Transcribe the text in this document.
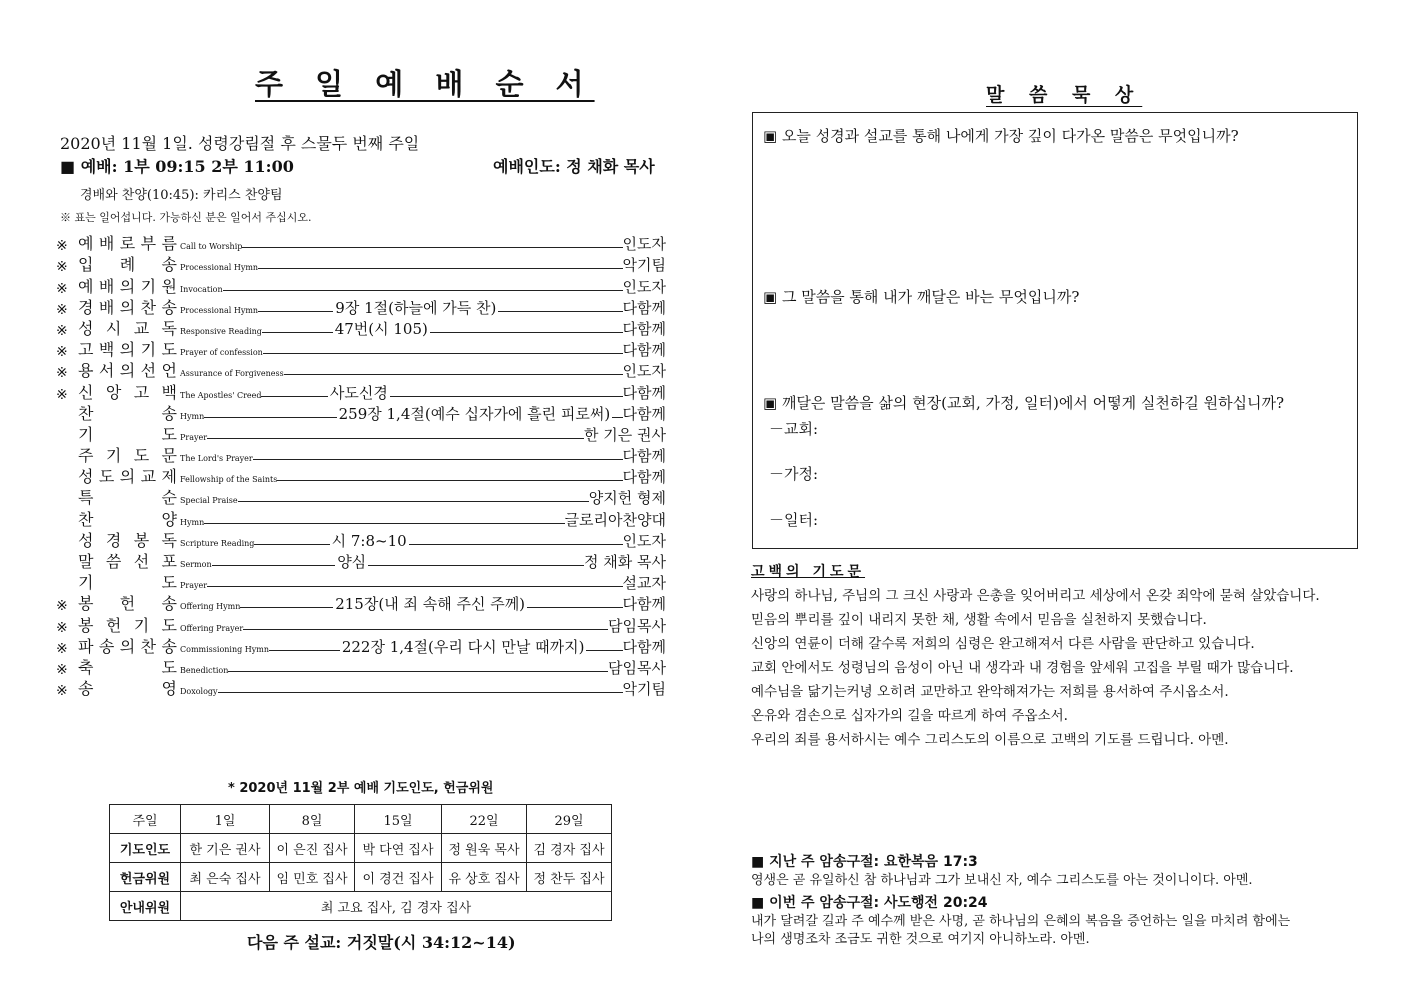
주 일 예 배 순 서
2020년 11월 1일. 성령강림절 후 스물두 번째 주일
■ 예배: 1부 09:15 2부 11:00	예배인도: 정 채화 목사
경배와 찬양(10:45): 카리스 찬양팀
※ 표는 일어섭니다. 가능하신 분은 일어서 주십시오.
※ 예 배 로 부 름 Call to Worship	인도자
※ 입 례 송 Processional Hymn	악기팀
※ 예 배 의 기 원 Invocation	인도자
※ 경 배 의 찬 송 Processional Hymn	9장 1절(하늘에 가득 찬)	다함께
※ 성 시 교 독 Responsive Reading	47번(시 105)	다함께
※ 고 백 의 기 도 Prayer of confession	다함께
※ 용 서 의 선 언 Assurance of Forgiveness	인도자
※ 신 앙 고 백 The Apostles' Creed	사도신경	다함께
찬	송 Hymn	259장 1,4절(예수 십자가에 흘린 피로써) 다함께
기	도 Prayer	한 기은 권사
주 기 도 문 The Lord's Prayer	다함께
성 도 의 교 제 Fellowship of the Saints	다함께
특	순 Special Praise	양지헌 형제
찬	양 Hymn	글로리아찬양대
성 경 봉 독 Scripture Reading	시 7:8~10	인도자
말 씀 선 포 Sermon	양심	정 채화 목사
기	도 Prayer	설교자
※ 봉 헌 송 Offering Hymn	215장(내 죄 속해 주신 주께)	다함께
※ 봉 헌 기 도 Offering Prayer	담임목사
※ 파 송 의 찬 송 Commissioning Hymn	222장 1,4절(우리 다시 만날 때까지)	다함께
※ 축	도 Benediction	담임목사
※ 송	영 Doxology	악기팀
* 2020년 11월 2부 예배 기도인도, 헌금위원
주일	1일	8일	15일	22일	29일
기도인도	한 기은 권사	이 은진 집사	박 다연 집사	정 원욱 목사	김 경자 집사
헌금위원	최 은숙 집사	임 민호 집사	이 경건 집사	유 상호 집사	정 찬두 집사
안내위원	최 고요 집사, 김 경자 집사				
다음 주 설교: 거짓말(시 34:12~14)
말 씀 묵 상
▣ 오늘 성경과 설교를 통해 나에게 가장 깊이 다가온 말씀은 무엇입니까?
▣ 그 말씀을 통해 내가 깨달은 바는 무엇입니까?
▣ 깨달은 말씀을 삶의 현장(교회, 가정, 일터)에서 어떻게 실천하길 원하십니까?
－교회:
－가정:
－일터:
고백의 기도문
사랑의 하나님, 주님의 그 크신 사랑과 은총을 잊어버리고 세상에서 온갖 죄악에 묻혀 살았습니다.
믿음의 뿌리를 깊이 내리지 못한 채, 생활 속에서 믿음을 실천하지 못했습니다.
신앙의 연륜이 더해 갈수록 저희의 심령은 완고해져서 다른 사람을 판단하고 있습니다.
교회 안에서도 성령님의 음성이 아닌 내 생각과 내 경험을 앞세워 고집을 부릴 때가 많습니다.
예수님을 닮기는커녕 오히려 교만하고 완악해져가는 저희를 용서하여 주시옵소서.
온유와 겸손으로 십자가의 길을 따르게 하여 주옵소서.
우리의 죄를 용서하시는 예수 그리스도의 이름으로 고백의 기도를 드립니다. 아멘.
■ 지난 주 암송구절: 요한복음 17:3
영생은 곧 유일하신 참 하나님과 그가 보내신 자, 예수 그리스도를 아는 것이니이다. 아멘.
■ 이번 주 암송구절: 사도행전 20:24
내가 달려갈 길과 주 예수께 받은 사명, 곧 하나님의 은혜의 복음을 증언하는 일을 마치려 함에는
나의 생명조차 조금도 귀한 것으로 여기지 아니하노라. 아멘.
